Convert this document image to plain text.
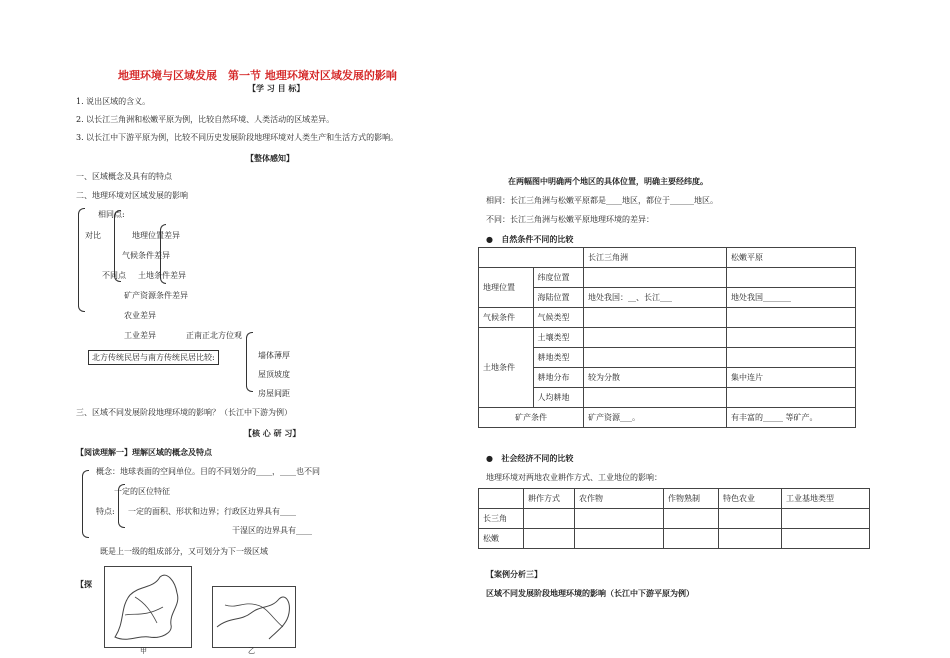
地理环境与区域发展　第一节 地理环境对区域发展的影响
【学 习 目 标】
1. 说出区域的含义。
2. 以长江三角洲和松嫩平原为例，比较自然环境、人类活动的区域差异。
3. 以长江中下游平原为例，比较不同历史发展阶段地理环境对人类生产和生活方式的影响。
【整体感知】
一、区域概念及具有的特点
二、地理环境对区域发展的影响
相同点:
对比	地理位置差异
气候条件差异
不同点 土地条件差异
矿产资源条件差异
农业差异
工业差异	正南正北方位观
北方传统民居与南方传统民居比较:	墙体薄厚
屋顶坡度
房屋间距
三、区域不同发展阶段地理环境的影响？（长江中下游为例）
【核 心 研 习】
【阅读理解一】理解区域的概念及特点
概念：地球表面的空间单位。目的不同划分的____，____也不同
一定的区位特征
特点: 一定的面积、形状和边界；行政区边界具有____
干湿区的边界具有____
既是上一级的组成部分，又可划分为下一级区域
【探
甲	乙
在两幅图中明确两个地区的具体位置，明确主要经纬度。
相同：长江三角洲与松嫩平原都是____地区，都位于______地区。
不同：长江三角洲与松嫩平原地理环境的差异：
● 自然条件不同的比较
		长江三角洲	松嫩平原
地理位置	纬度位置		
	海陆位置	地处我国：__、长江___	地处我国_______
气候条件	气候类型		
土地条件	土壤类型		
	耕地类型		
	耕地分布	较为分散	集中连片
	人均耕地		
矿产条件		矿产资源___。	有丰富的_____ 等矿产。
● 社会经济不同的比较
地理环境对两地农业耕作方式、工业地位的影响：
	耕作方式	农作物	作物熟制	特色农业	工业基地类型
长三角					
松嫩					
【案例分析三】
区域不同发展阶段地理环境的影响（长江中下游平原为例）
